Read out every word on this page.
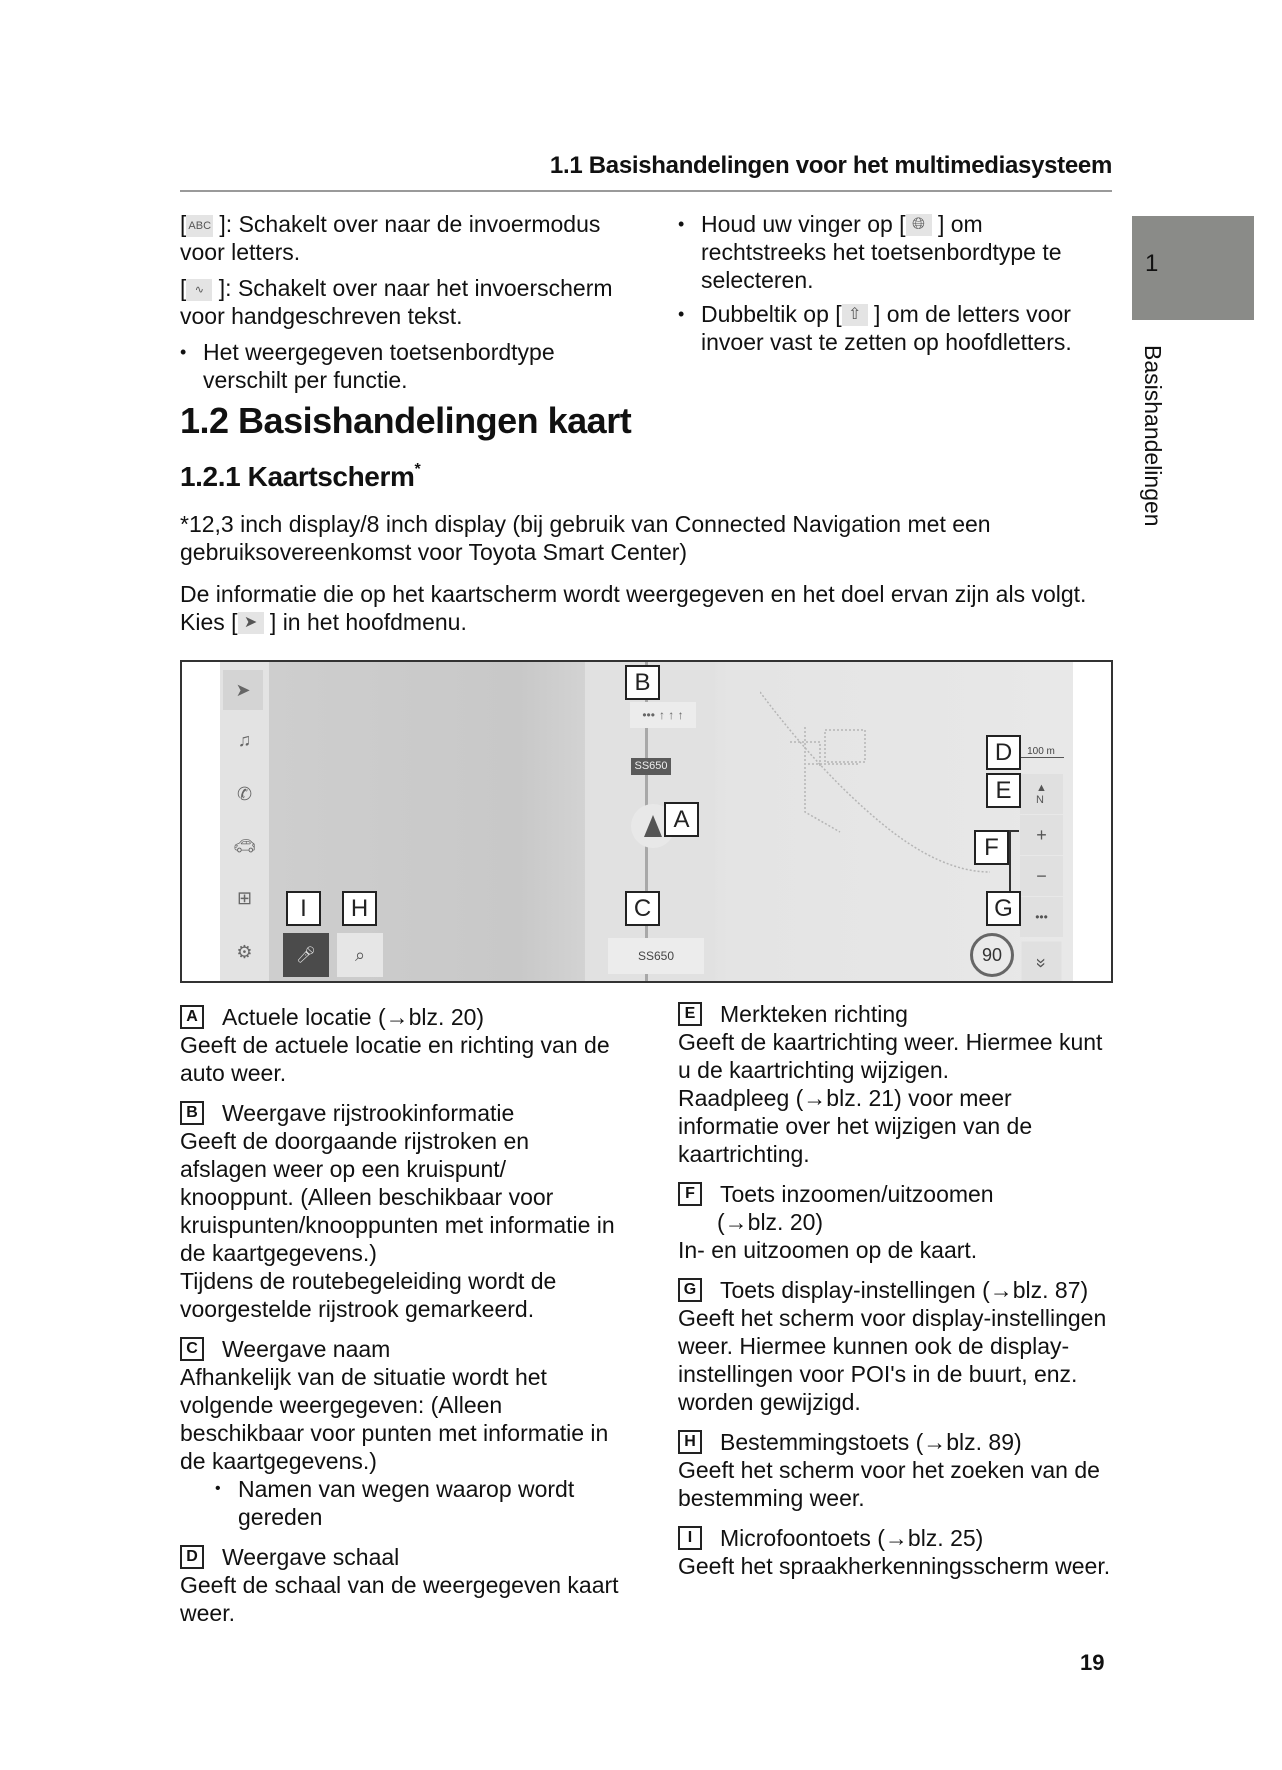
1.1 Basishandelingen voor het multimediasysteem
1
Basishandelingen

[ ABC ]: Schakelt over naar de invoermodus voor letters.

[ ∿ ]: Schakelt over naar het invoerscherm voor handgeschreven tekst.

• Het weergegeven toetsenbordtype verschilt per functie.

• Houd uw vinger op [ 🌐︎ ] om rechtstreeks het toetsenbordtype te selecteren.

• Dubbeltik op [ ⇧ ] om de letters voor invoer vast te zetten op hoofdletters.

1.2 Basishandelingen kaart
1.2.1 Kaartscherm*
*12,3 inch display/8 inch display (bij gebruik van Connected Navigation met een gebruiksovereenkomst voor Toyota Smart Center)

De informatie die op het kaartscherm wordt weergegeven en het doel ervan zijn als volgt.

Kies [ ➤ ] in het hoofdmenu.

➤
♫
✆
🚗︎
⊞
⚙
••• ↑ ↑ ↑
SS650
SS650
🎤︎ ⌕
100 m
▲
N
+
−
•••
»
90
A
B
C
D
E
F
G
H
I
A Actuele locatie (→blz. 20)

Geeft de actuele locatie en richting van de auto weer.

B Weergave rijstrookinformatie

Geeft de doorgaande rijstroken en afslagen weer op een kruispunt/ knooppunt. (Alleen beschikbaar voor kruispunten/knooppunten met informatie in de kaartgegevens.)

Tijdens de routebegeleiding wordt de voorgestelde rijstrook gemarkeerd.

C Weergave naam

Afhankelijk van de situatie wordt het volgende weergegeven: (Alleen beschikbaar voor punten met informatie in de kaartgegevens.)

• Namen van wegen waarop wordt gereden

D Weergave schaal

Geeft de schaal van de weergegeven kaart weer.

E Merkteken richting

Geeft de kaartrichting weer. Hiermee kunt u de kaartrichting wijzigen.

Raadpleeg (→blz. 21) voor meer informatie over het wijzigen van de kaartrichting.

F	Toets inzoomen/uitzoomen

(→blz. 20)

In- en uitzoomen op de kaart.

G Toets display-instellingen (→blz. 87)

Geeft het scherm voor display-instellingen weer. Hiermee kunnen ook de display-instellingen voor POI's in de buurt, enz. worden gewijzigd.

H Bestemmingstoets (→blz. 89)

Geeft het scherm voor het zoeken van de bestemming weer.

I	Microfoontoets (→blz. 25)

Geeft het spraakherkenningsscherm weer.

19
